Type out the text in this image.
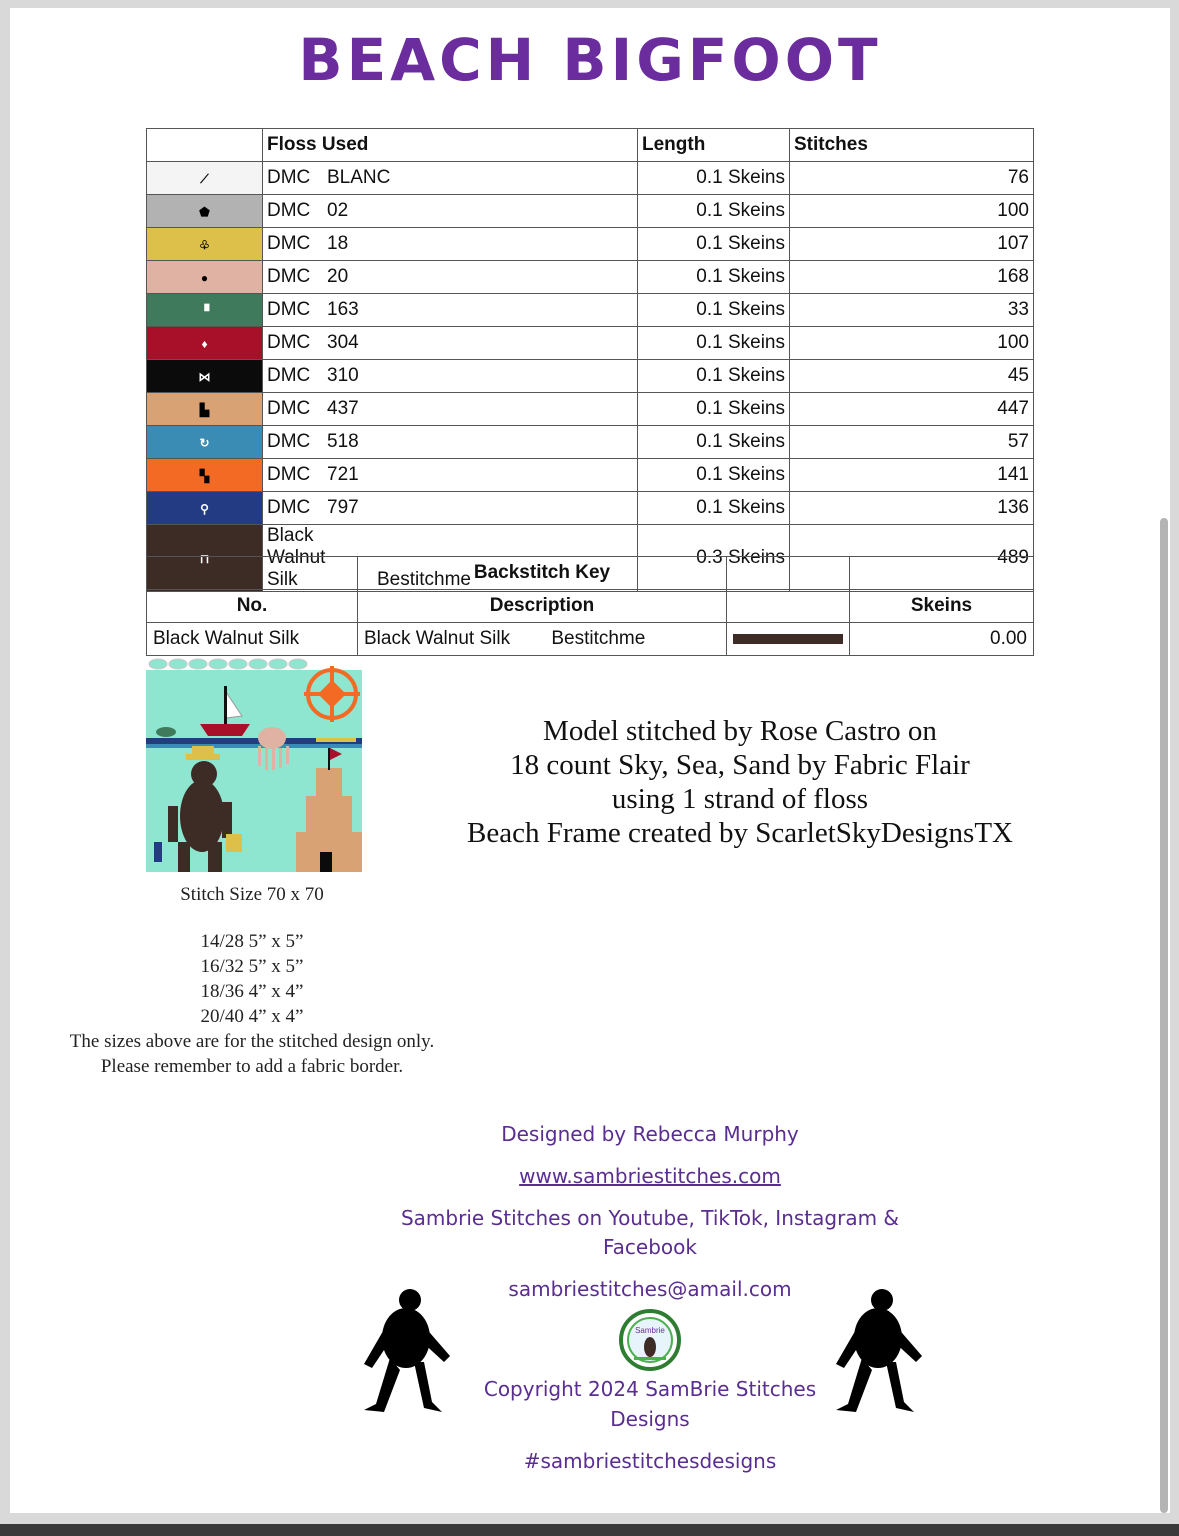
BEACH BIGFOOT
	Floss Used	Length	Stitches
⟋	DMC BLANC	0.1 Skeins	76
⬟	DMC 02	0.1 Skeins	100
♧	DMC 18	0.1 Skeins	107
●	DMC 20	0.1 Skeins	168
▝	DMC 163	0.1 Skeins	33
♦	DMC 304	0.1 Skeins	100
⋈	DMC 310	0.1 Skeins	45
▙	DMC 437	0.1 Skeins	447
↻	DMC 518	0.1 Skeins	57
▚	DMC 721	0.1 Skeins	141
⚲	DMC 797	0.1 Skeins	136
⊓	Black Walnut Silk Bestitchme	0.3 Skeins	489
	Backstitch Key		
No.	Description		Skeins
Black Walnut Silk	Black Walnut Silk Bestitchme		0.00
Stitch Size 70 x 70
14/28 5” x 5”
16/32 5” x 5”
18/36 4” x 4”
20/40 4” x 4”
The sizes above are for the stitched design only.
Please remember to add a fabric border.
Model stitched by Rose Castro on
18 count Sky, Sea, Sand by Fabric Flair
using 1 strand of floss
Beach Frame created by ScarletSkyDesignsTX
Designed by Rebecca Murphy
www.sambriestitches.com
Sambrie Stitches on Youtube, TikTok, Instagram &
Facebook
sambriestitches@amail.com
Sambrie
Copyright 2024 SamBrie Stitches
Designs
#sambriestitchesdesigns
